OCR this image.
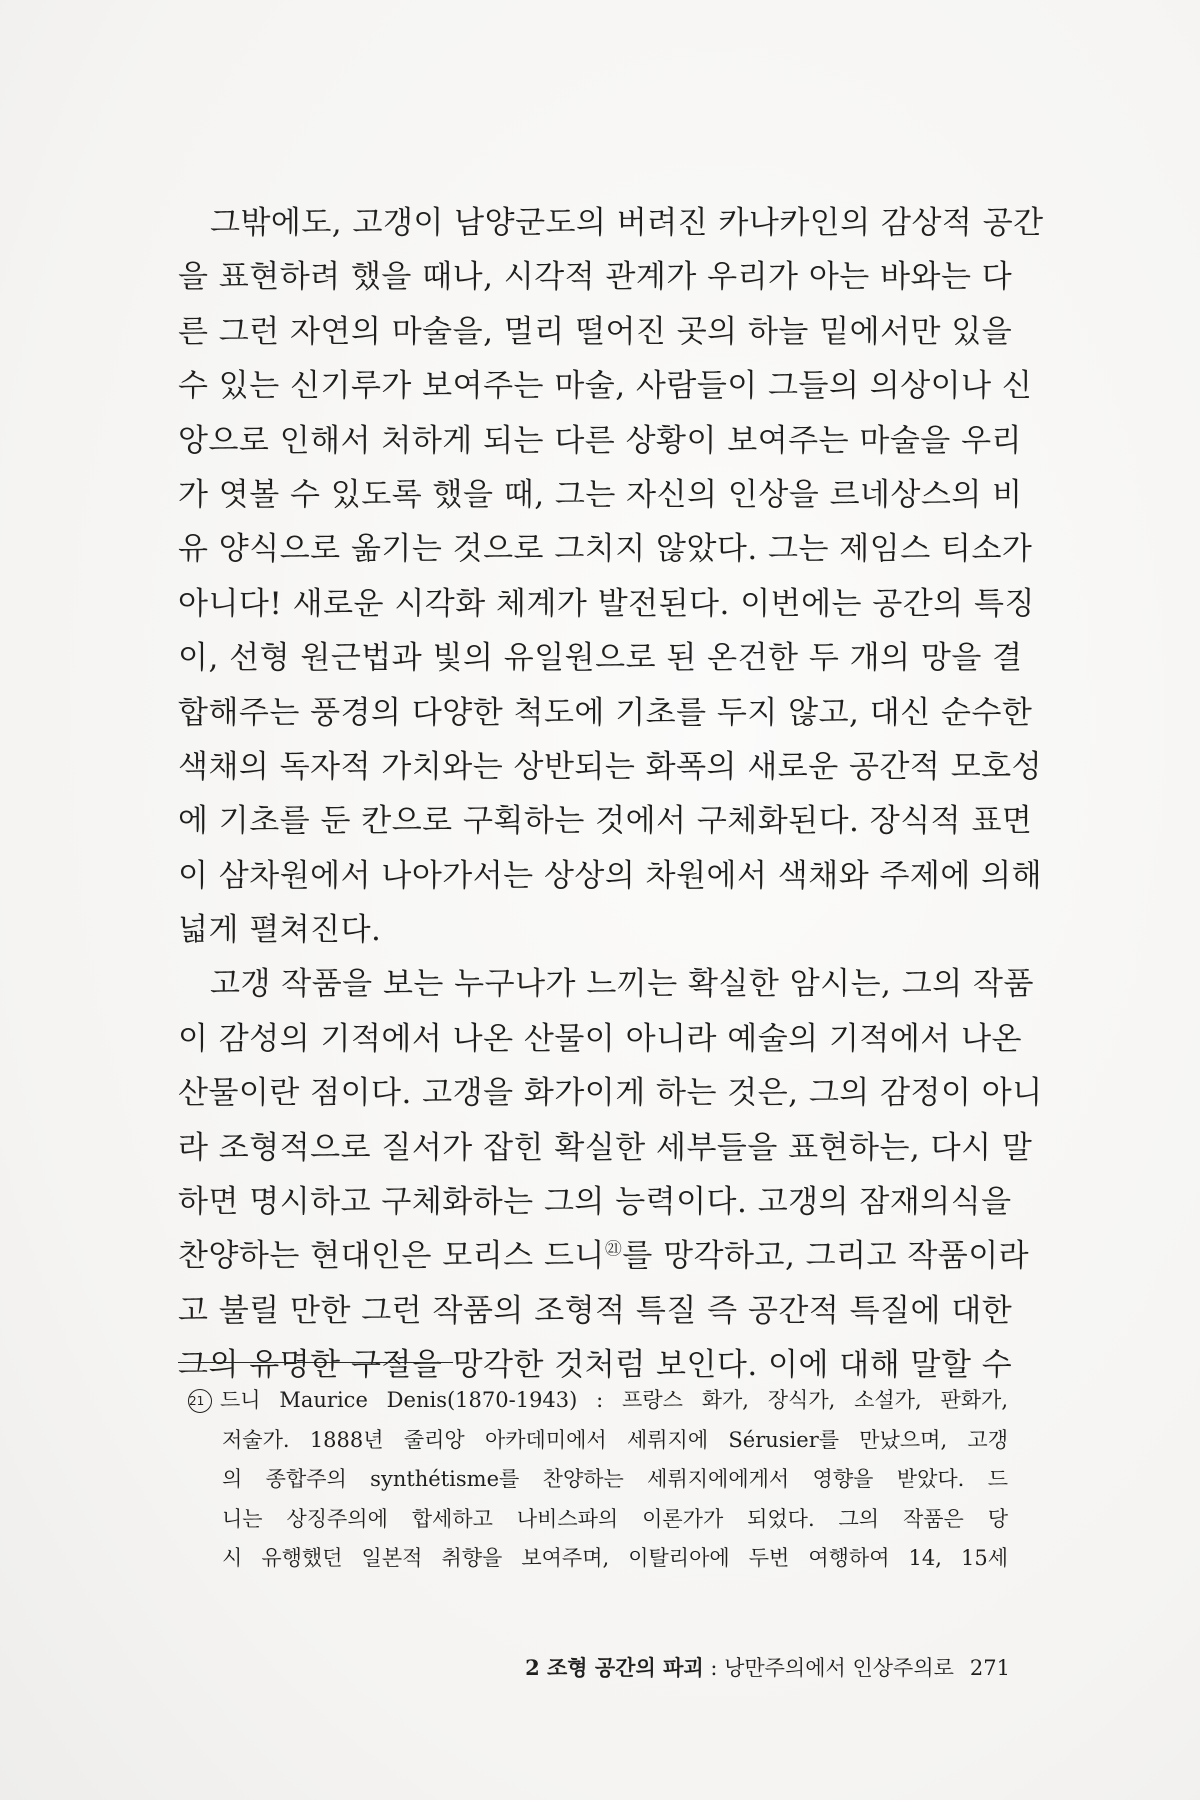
그밖에도, 고갱이 남양군도의 버려진 카나카인의 감상적 공간
을 표현하려 했을 때나, 시각적 관계가 우리가 아는 바와는 다
른 그런 자연의 마술을, 멀리 떨어진 곳의 하늘 밑에서만 있을
수 있는 신기루가 보여주는 마술, 사람들이 그들의 의상이나 신
앙으로 인해서 처하게 되는 다른 상황이 보여주는 마술을 우리
가 엿볼 수 있도록 했을 때, 그는 자신의 인상을 르네상스의 비
유 양식으로 옮기는 것으로 그치지 않았다. 그는 제임스 티소가
아니다! 새로운 시각화 체계가 발전된다. 이번에는 공간의 특징
이, 선형 원근법과 빛의 유일원으로 된 온건한 두 개의 망을 결
합해주는 풍경의 다양한 척도에 기초를 두지 않고, 대신 순수한
색채의 독자적 가치와는 상반되는 화폭의 새로운 공간적 모호성
에 기초를 둔 칸으로 구획하는 것에서 구체화된다. 장식적 표면
이 삼차원에서 나아가서는 상상의 차원에서 색채와 주제에 의해
넓게 펼쳐진다.
고갱 작품을 보는 누구나가 느끼는 확실한 암시는, 그의 작품
이 감성의 기적에서 나온 산물이 아니라 예술의 기적에서 나온
산물이란 점이다. 고갱을 화가이게 하는 것은, 그의 감정이 아니
라 조형적으로 질서가 잡힌 확실한 세부들을 표현하는, 다시 말
하면 명시하고 구체화하는 그의 능력이다. 고갱의 잠재의식을
찬양하는 현대인은 모리스 드니$^㉑$를 망각하고, 그리고 작품이라
고 불릴 만한 그런 작품의 조형적 특질 즉 공간적 특질에 대한
그의 유명한 구절을 망각한 것처럼 보인다. 이에 대해 말할 수
21 드니 Maurice Denis(1870-1943) : 프랑스 화가, 장식가, 소설가, 판화가,
저술가. 1888년 줄리앙 아카데미에서 세뤼지에 Sérusier를 만났으며, 고갱
의 종합주의 synthétisme를 찬양하는 세뤼지에에게서 영향을 받았다. 드
니는 상징주의에 합세하고 나비스파의 이론가가 되었다. 그의 작품은 당
시 유행했던 일본적 취향을 보여주며, 이탈리아에 두번 여행하여 14, 15세
2 조형 공간의 파괴 : 낭만주의에서 인상주의로 271
